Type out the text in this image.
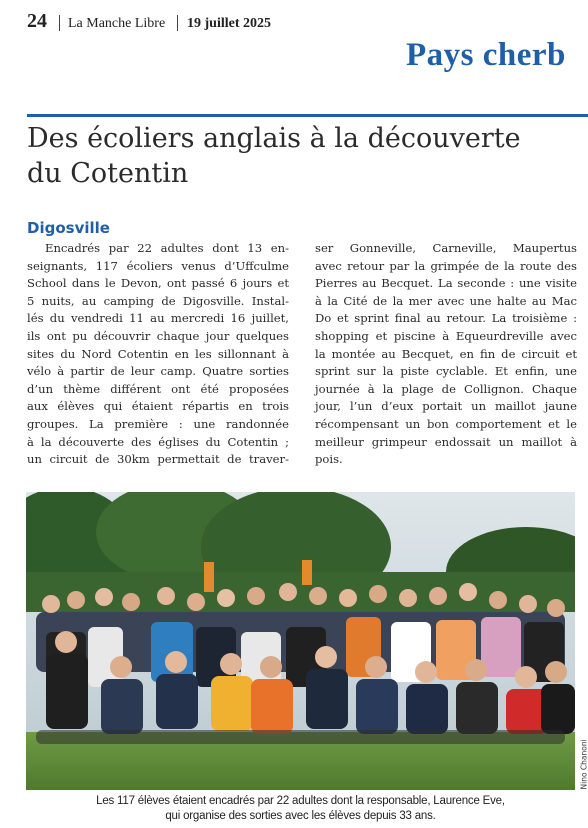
24 La Manche Libre 19 juillet 2025
Pays cherb
Des écoliers anglais à la découverte
du Cotentin
Digosville
Encadrés par 22 adultes dont 13 en-
seignants, 117 écoliers venus d’Uffculme
School dans le Devon, ont passé 6 jours et
5 nuits, au camping de Digosville. Instal-
lés du vendredi 11 au mercredi 16 juillet,
ils ont pu découvrir chaque jour quelques
sites du Nord Cotentin en les sillonnant à
vélo à partir de leur camp. Quatre sorties
d’un thème différent ont été proposées
aux élèves qui étaient répartis en trois
groupes. La première : une randonnée
à la découverte des églises du Cotentin ;
un circuit de 30km permettait de traver-
ser Gonneville, Carneville, Maupertus
avec retour par la grimpée de la route des
Pierres au Becquet. La seconde : une visite
à la Cité de la mer avec une halte au Mac
Do et sprint final au retour. La troisième :
shopping et piscine à Equeurdreville avec
la montée au Becquet, en fin de circuit et
sprint sur la piste cyclable. Et enfin, une
journée à la plage de Collignon. Chaque
jour, l’un d’eux portait un maillot jaune
récompensant un bon comportement et le
meilleur grimpeur endossait un maillot à
pois.
Nino Chanoni

Les 117 élèves étaient encadrés par 22 adultes dont la responsable, Laurence Eve,
qui organise des sorties avec les élèves depuis 33 ans.
